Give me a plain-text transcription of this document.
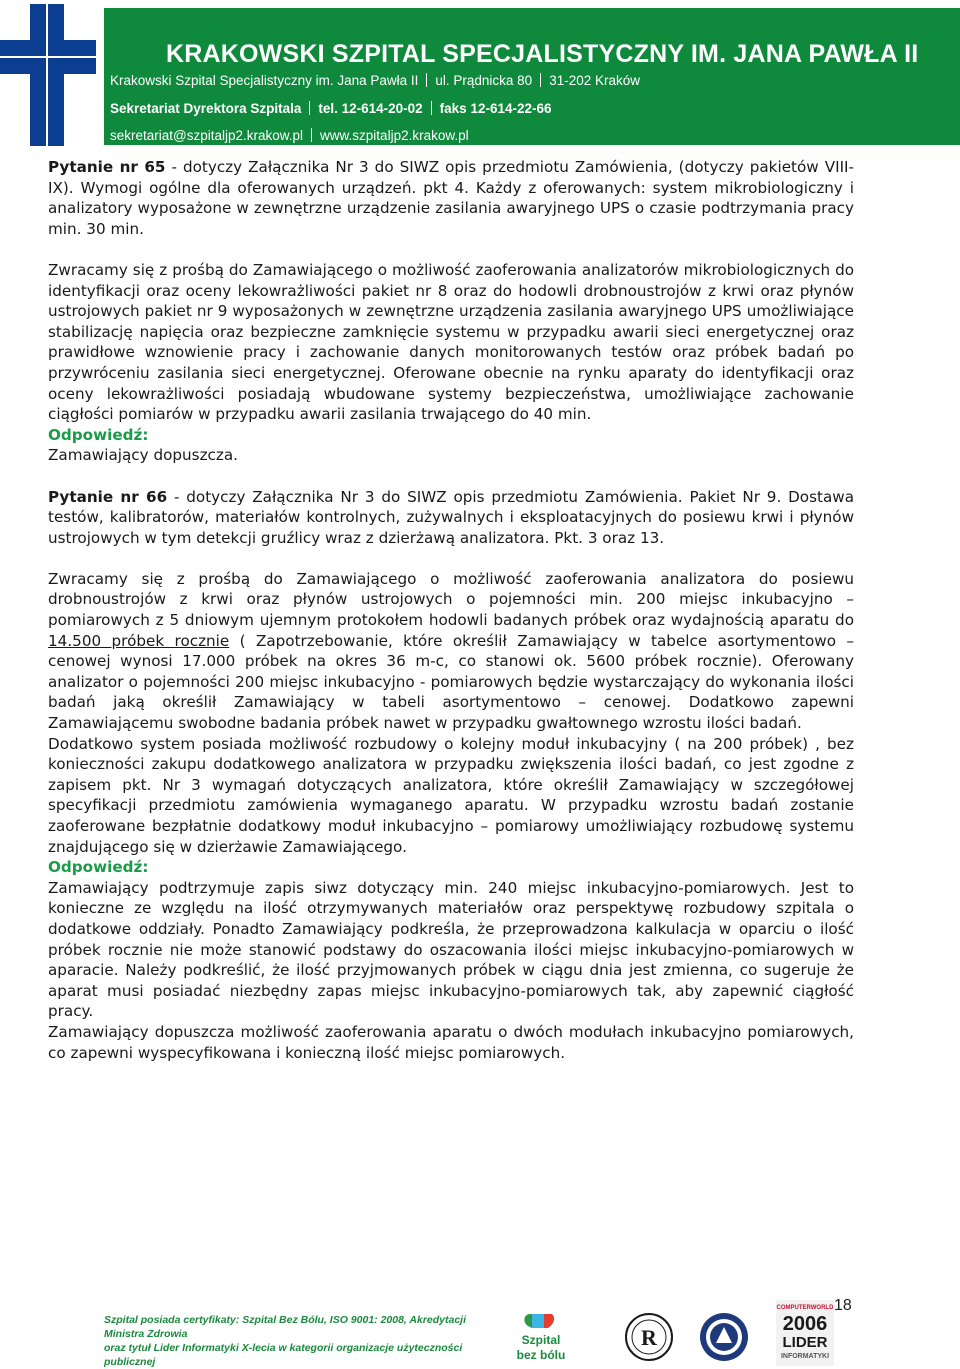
KRAKOWSKI SZPITAL SPECJALISTYCZNY IM. JANA PAWŁA II
Krakowski Szpital Specjalistyczny im. Jana Pawła II ul. Prądnicka 80 31-202 Kraków
Sekretariat Dyrektora Szpitala tel. 12-614-20-02 faks 12-614-22-66
sekretariat@szpitaljp2.krakow.pl www.szpitaljp2.krakow.pl

Pytanie nr 65 - dotyczy Załącznika Nr 3 do SIWZ opis przedmiotu Zamówienia, (dotyczy pakietów VIII-IX). Wymogi ogólne dla oferowanych urządzeń. pkt 4. Każdy z oferowanych: system mikrobiologiczny i analizatory wyposażone w zewnętrzne urządzenie zasilania awaryjnego UPS o czasie podtrzymania pracy min. 30 min.

Zwracamy się z prośbą do Zamawiającego o możliwość zaoferowania analizatorów mikrobiologicznych do identyfikacji oraz oceny lekowrażliwości pakiet nr 8 oraz do hodowli drobnoustrojów z krwi oraz płynów ustrojowych pakiet nr 9 wyposażonych w zewnętrzne urządzenia zasilania awaryjnego UPS umożliwiające stabilizację napięcia oraz bezpieczne zamknięcie systemu w przypadku awarii sieci energetycznej oraz prawidłowe wznowienie pracy i zachowanie danych monitorowanych testów oraz próbek badań po przywróceniu zasilania sieci energetycznej. Oferowane obecnie na rynku aparaty do identyfikacji oraz oceny lekowrażliwości posiadają wbudowane systemy bezpieczeństwa, umożliwiające zachowanie ciągłości pomiarów w przypadku awarii zasilania trwającego do 40 min.

Odpowiedź:

Zamawiający dopuszcza.

Pytanie nr 66 - dotyczy Załącznika Nr 3 do SIWZ opis przedmiotu Zamówienia. Pakiet Nr 9. Dostawa testów, kalibratorów, materiałów kontrolnych, zużywalnych i eksploatacyjnych do posiewu krwi i płynów ustrojowych w tym detekcji gruźlicy wraz z dzierżawą analizatora. Pkt. 3 oraz 13.

Zwracamy się z prośbą do Zamawiającego o możliwość zaoferowania analizatora do posiewu drobnoustrojów z krwi oraz płynów ustrojowych o pojemności min. 200 miejsc inkubacyjno – pomiarowych z 5 dniowym ujemnym protokołem hodowli badanych próbek oraz wydajnością aparatu do 14.500 próbek rocznie ( Zapotrzebowanie, które określił Zamawiający w tabelce asortymentowo – cenowej wynosi 17.000 próbek na okres 36 m-c, co stanowi ok. 5600 próbek rocznie). Oferowany analizator o pojemności 200 miejsc inkubacyjno - pomiarowych będzie wystarczający do wykonania ilości badań jaką określił Zamawiający w tabeli asortymentowo – cenowej. Dodatkowo zapewni Zamawiającemu swobodne badania próbek nawet w przypadku gwałtownego wzrostu ilości badań.

Dodatkowo system posiada możliwość rozbudowy o kolejny moduł inkubacyjny ( na 200 próbek) , bez konieczności zakupu dodatkowego analizatora w przypadku zwiększenia ilości badań, co jest zgodne z zapisem pkt. Nr 3 wymagań dotyczących analizatora, które określił Zamawiający w szczegółowej specyfikacji przedmiotu zamówienia wymaganego aparatu. W przypadku wzrostu badań zostanie zaoferowane bezpłatnie dodatkowy moduł inkubacyjno – pomiarowy umożliwiający rozbudowę systemu znajdującego się w dzierżawie Zamawiającego.

Odpowiedź:

Zamawiający podtrzymuje zapis siwz dotyczący min. 240 miejsc inkubacyjno-pomiarowych. Jest to konieczne ze względu na ilość otrzymywanych materiałów oraz perspektywę rozbudowy szpitala o dodatkowe oddziały. Ponadto Zamawiający podkreśla, że przeprowadzona kalkulacja w oparciu o ilość próbek rocznie nie może stanowić podstawy do oszacowania ilości miejsc inkubacyjno-pomiarowych w aparacie. Należy podkreślić, że ilość przyjmowanych próbek w ciągu dnia jest zmienna, co sugeruje że aparat musi posiadać niezbędny zapas miejsc inkubacyjno-pomiarowych tak, aby zapewnić ciągłość pracy.

Zamawiający dopuszcza możliwość zaoferowania aparatu o dwóch modułach inkubacyjno pomiarowych, co zapewni wyspecyfikowana i konieczną ilość miejsc pomiarowych.

18
Szpital posiada certyfikaty: Szpital Bez Bólu, ISO 9001: 2008, Akredytacji Ministra Zdrowia
oraz tytuł Lider Informatyki X-lecia w kategorii organizacje użyteczności publicznej
Szpital
bez bólu
R
COMPUTERWORLD
2006
LIDER
INFORMATYKI
